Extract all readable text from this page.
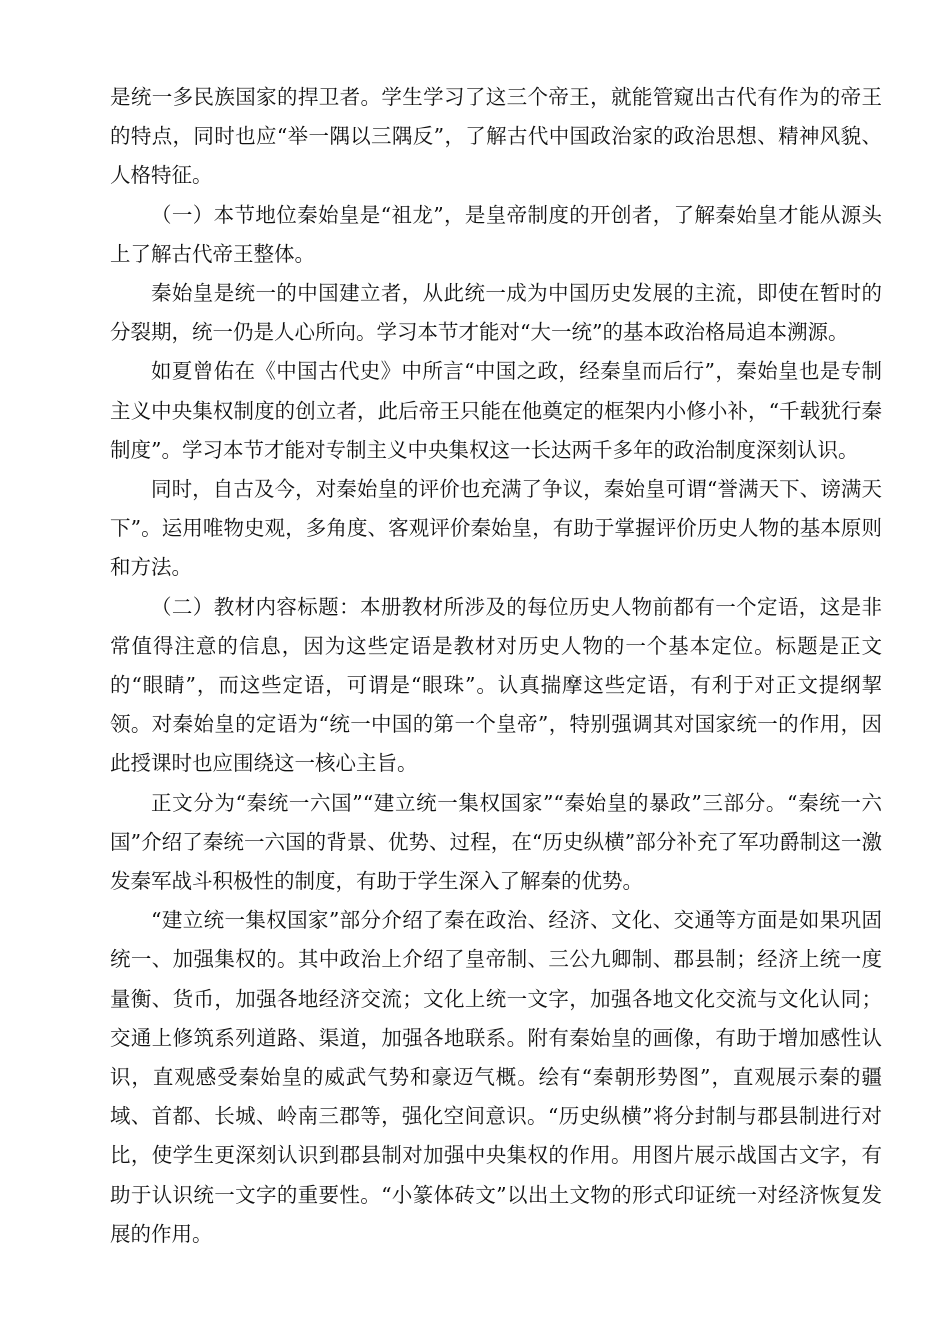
是统一多民族国家的捍卫者。学生学习了这三个帝王，就能管窥出古代有作为的帝王的特点，同时也应“举一隅以三隅反”，了解古代中国政治家的政治思想、精神风貌、人格特征。

（一）本节地位秦始皇是“祖龙”，是皇帝制度的开创者，了解秦始皇才能从源头上了解古代帝王整体。

秦始皇是统一的中国建立者，从此统一成为中国历史发展的主流，即使在暂时的分裂期，统一仍是人心所向。学习本节才能对“大一统”的基本政治格局追本溯源。

如夏曾佑在《中国古代史》中所言“中国之政，经秦皇而后行”，秦始皇也是专制主义中央集权制度的创立者，此后帝王只能在他奠定的框架内小修小补，“千载犹行秦制度”。学习本节才能对专制主义中央集权这一长达两千多年的政治制度深刻认识。

同时，自古及今，对秦始皇的评价也充满了争议，秦始皇可谓“誉满天下、谤满天下”。运用唯物史观，多角度、客观评价秦始皇，有助于掌握评价历史人物的基本原则和方法。

（二）教材内容标题：本册教材所涉及的每位历史人物前都有一个定语，这是非常值得注意的信息，因为这些定语是教材对历史人物的一个基本定位。标题是正文的“眼睛”，而这些定语，可谓是“眼珠”。认真揣摩这些定语，有利于对正文提纲挈领。对秦始皇的定语为“统一中国的第一个皇帝”，特别强调其对国家统一的作用，因此授课时也应围绕这一核心主旨。

正文分为“秦统一六国”“建立统一集权国家”“秦始皇的暴政”三部分。“秦统一六国”介绍了秦统一六国的背景、优势、过程，在“历史纵横”部分补充了军功爵制这一激发秦军战斗积极性的制度，有助于学生深入了解秦的优势。

“建立统一集权国家”部分介绍了秦在政治、经济、文化、交通等方面是如果巩固统一、加强集权的。其中政治上介绍了皇帝制、三公九卿制、郡县制；经济上统一度量衡、货币，加强各地经济交流；文化上统一文字，加强各地文化交流与文化认同；交通上修筑系列道路、渠道，加强各地联系。附有秦始皇的画像，有助于增加感性认识，直观感受秦始皇的威武气势和豪迈气概。绘有“秦朝形势图”，直观展示秦的疆域、首都、长城、岭南三郡等，强化空间意识。“历史纵横”将分封制与郡县制进行对比，使学生更深刻认识到郡县制对加强中央集权的作用。用图片展示战国古文字，有助于认识统一文字的重要性。“小篆体砖文”以出土文物的形式印证统一对经济恢复发展的作用。
